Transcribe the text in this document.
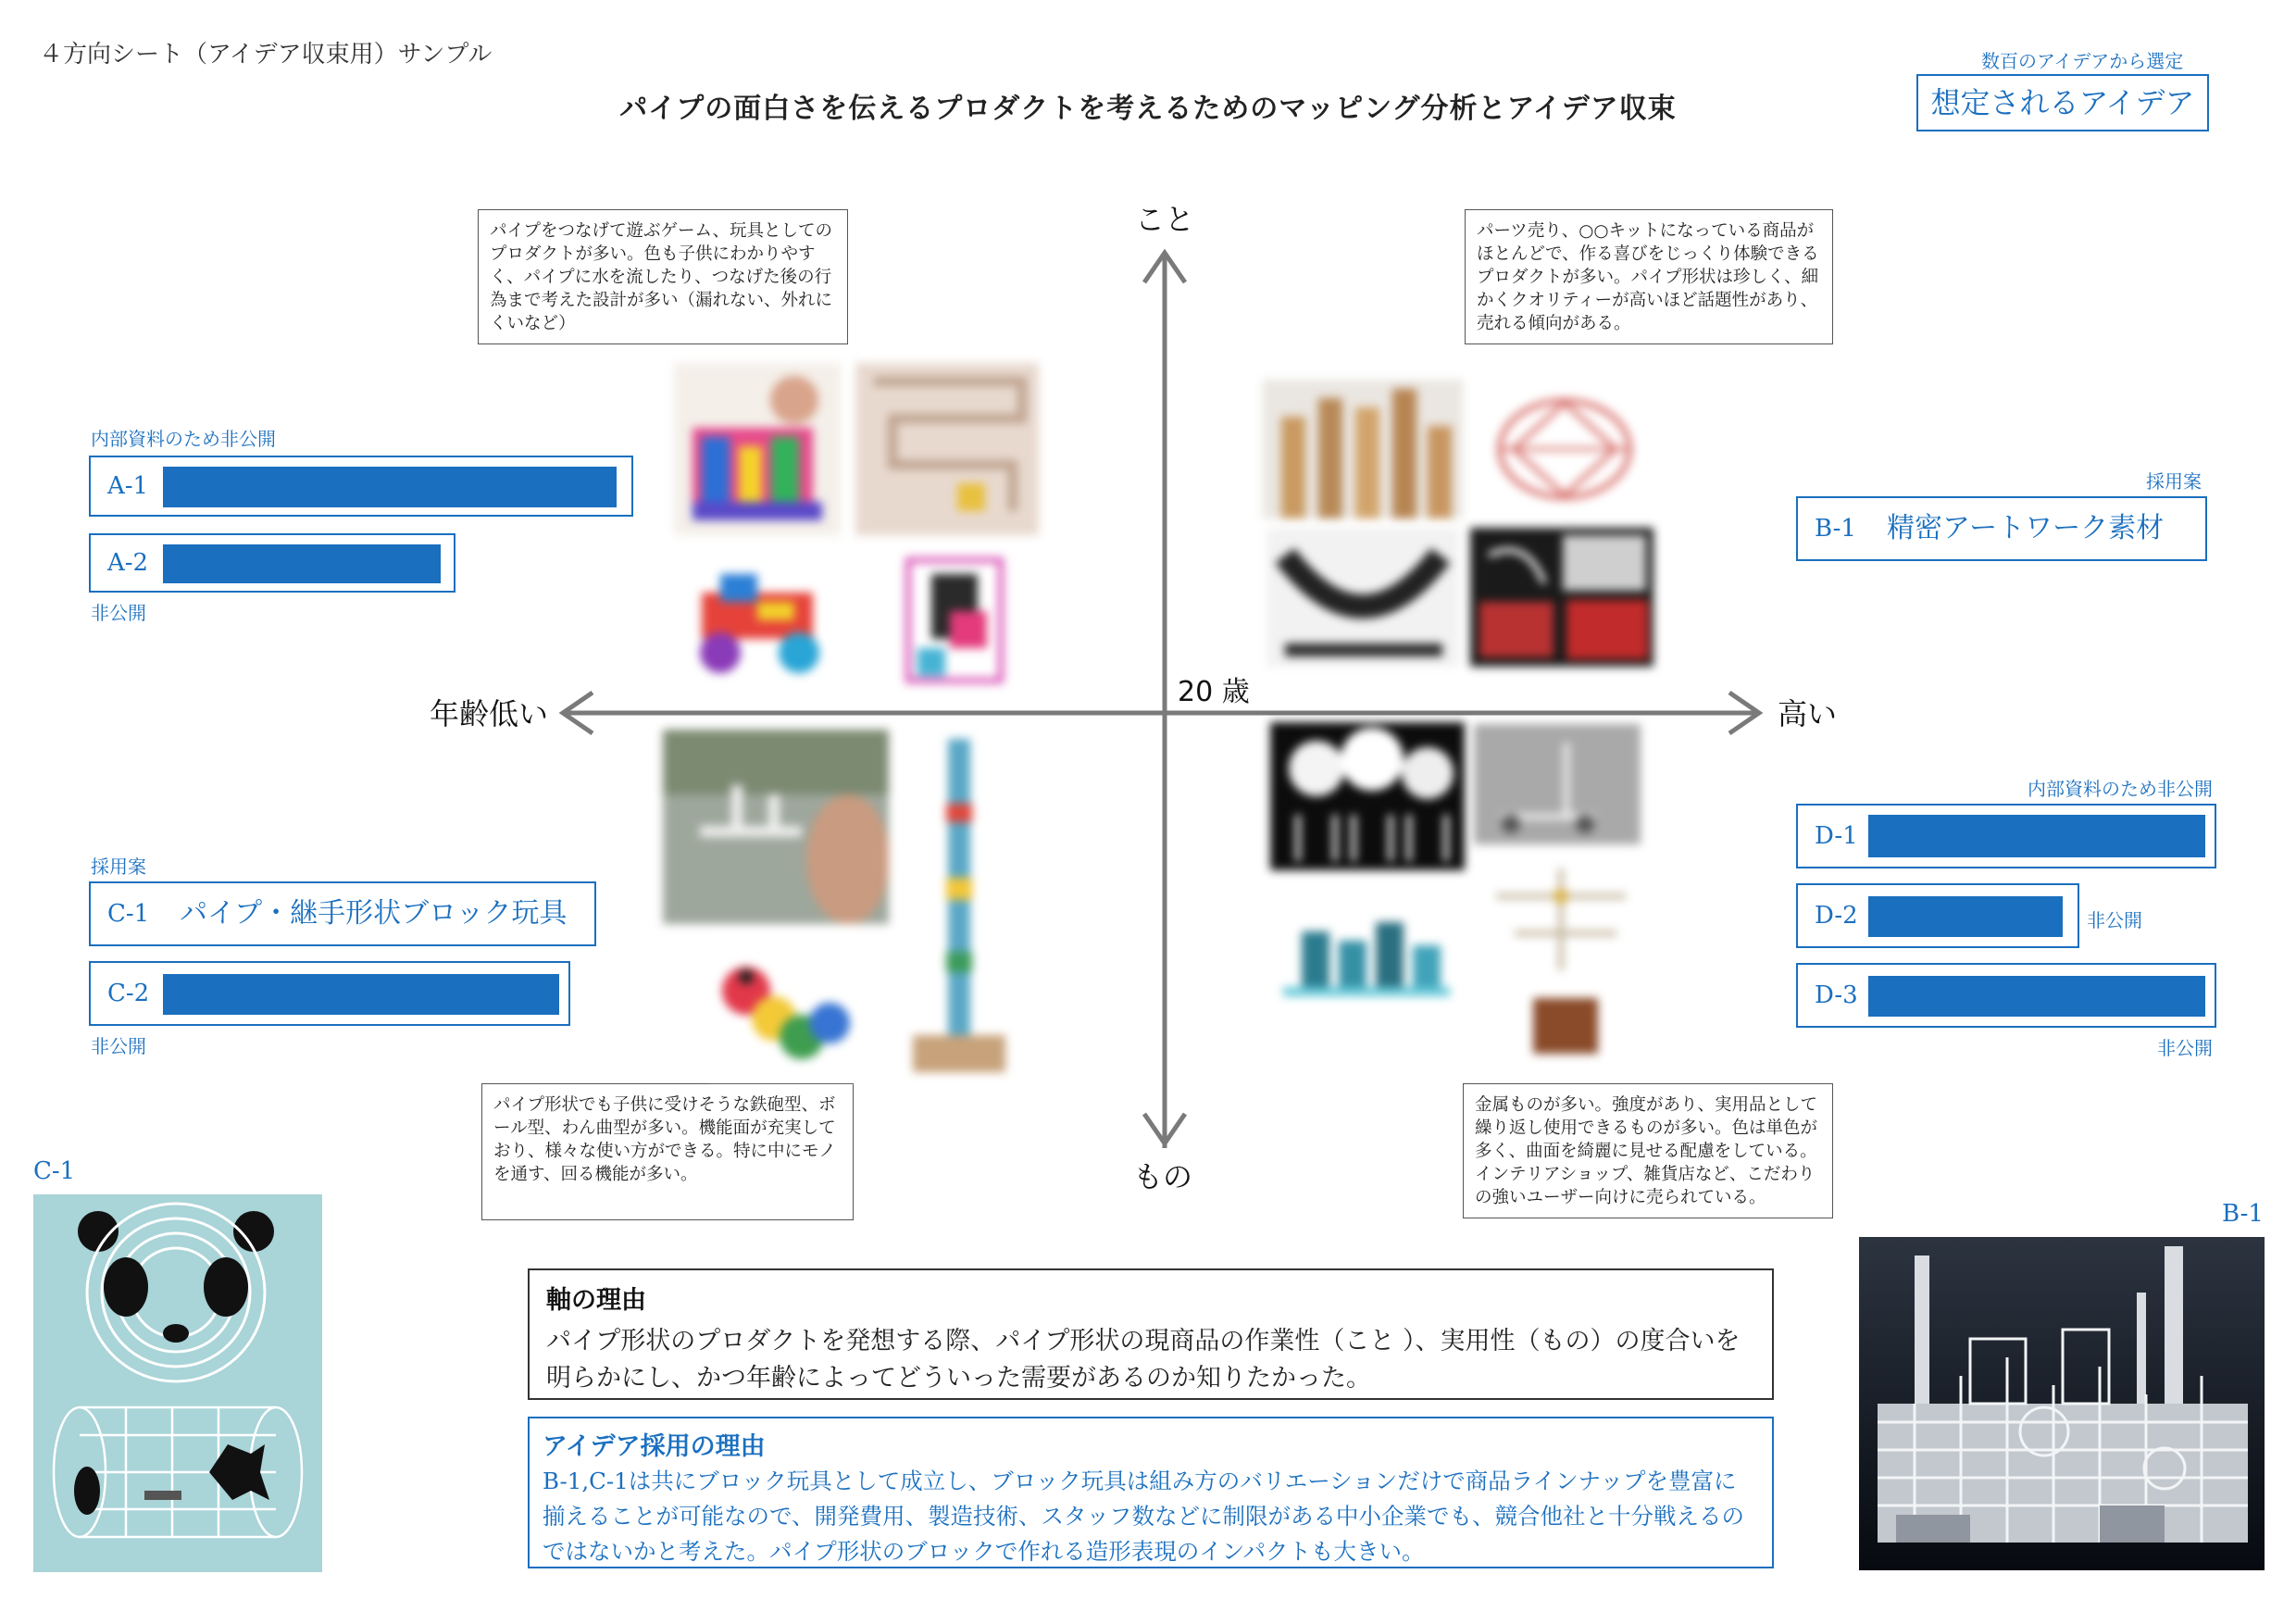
４方向シート（アイデア収束用）サンプル
パイプの面白さを伝えるプロダクトを考えるためのマッピング分析とアイデア収束
数百のアイデアから選定
想定されるアイデア
こと
もの
年齢低い	高い
20 歳
パイプをつなげて遊ぶゲーム、玩具としてのプロダクトが多い。色も子供にわかりやすく、パイプに水を流したり、つなげた後の行為まで考えた設計が多い（漏れない、外れにくいなど）
パーツ売り、○○キットになっている商品がほとんどで、作る喜びをじっくり体験できるプロダクトが多い。パイプ形状は珍しく、細かくクオリティーが高いほど話題性があり、売れる傾向がある。
パイプ形状でも子供に受けそうな鉄砲型、ボール型、わん曲型が多い。機能面が充実しており、様々な使い方ができる。特に中にモノを通す、回る機能が多い。
金属ものが多い。強度があり、実用品として繰り返し使用できるものが多い。色は単色が多く、曲面を綺麗に見せる配慮をしている。インテリアショップ、雑貨店など、こだわりの強いユーザー向けに売られている。
内部資料のため非公開
A-1
A-2
非公開
採用案
B-1 精密アートワーク素材
採用案
C-1 パイプ・継手形状ブロック玩具
C-2
非公開
内部資料のため非公開
D-1
D-2	非公開
D-3
非公開
C-1
B-1
軸の理由
パイプ形状のプロダクトを発想する際、パイプ形状の現商品の作業性（こと ）、実用性（もの）の度合いを明らかにし、かつ年齢によってどういった需要があるのか知りたかった。
アイデア採用の理由
B-1,C-1は共にブロック玩具として成立し、ブロック玩具は組み方のバリエーションだけで商品ラインナップを豊富に揃えることが可能なので、開発費用、製造技術、スタッフ数などに制限がある中小企業でも、競合他社と十分戦えるのではないかと考えた。パイプ形状のブロックで作れる造形表現のインパクトも大きい。
